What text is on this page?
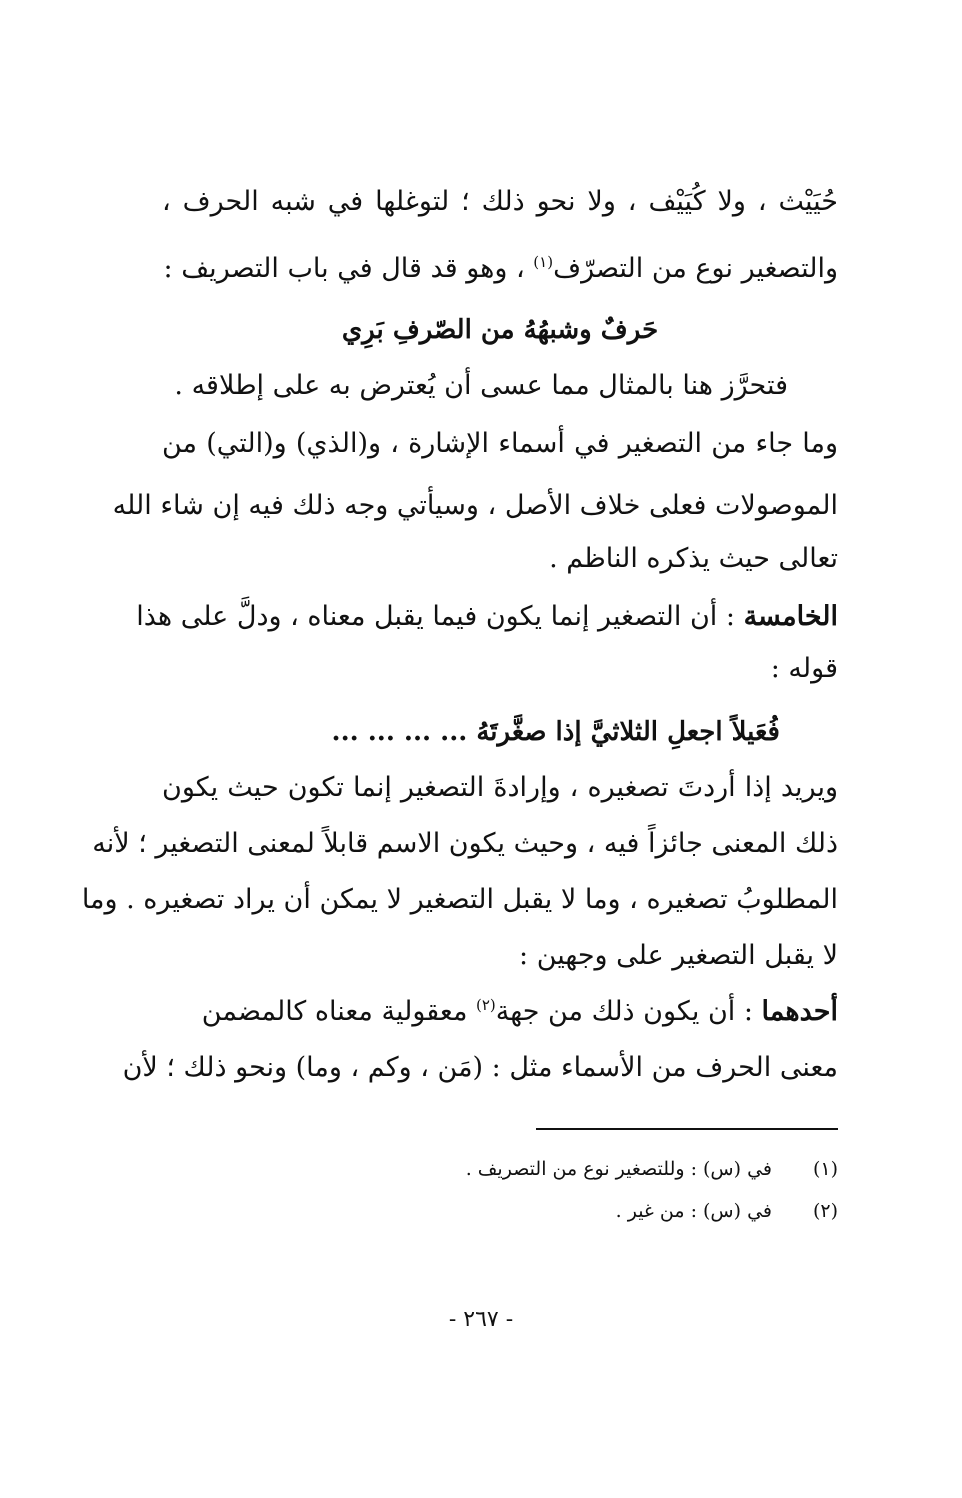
حُيَيْث ، ولا كُيَيْف ، ولا نحو ذلك ؛ لتوغلها في شبه الحرف ،
والتصغير نوع من التصرّف$^{(١)}$ ، وهو قد قال في باب التصريف :
حَرفٌ وشبهُهُ من الصّرفِ بَرِي
فتحرَّز هنا بالمثال مما عسى أن يُعترض به على إطلاقه .
وما جاء من التصغير في أسماء الإشارة ، و(الذي) و(التي) من
الموصولات فعلى خلاف الأصل ، وسيأتي وجه ذلك فيه إن شاء الله
تعالى حيث يذكره الناظم .
الخامسة : أن التصغير إنما يكون فيما يقبل معناه ، ودلَّ على هذا
قوله :
فُعَيلاً اجعلِ الثلاثيَّ إذا صغَّرتَهُ ... ... ... ...
ويريد إذا أردتَ تصغيره ، وإرادةَ التصغير إنما تكون حيث يكون
ذلك المعنى جائزاً فيه ، وحيث يكون الاسم قابلاً لمعنى التصغير ؛ لأنه
المطلوبُ تصغيره ، وما لا يقبل التصغير لا يمكن أن يراد تصغيره . وما
لا يقبل التصغير على وجهين :
أحدهما : أن يكون ذلك من جهة$^{(٢)}$ معقولية معناه كالمضمن
معنى الحرف من الأسماء مثل : (مَن ، وكم ، وما) ونحو ذلك ؛ لأن
(١)في (س) : وللتصغير نوع من التصريف .
(٢)في (س) : من غير .
- ٢٦٧ -
